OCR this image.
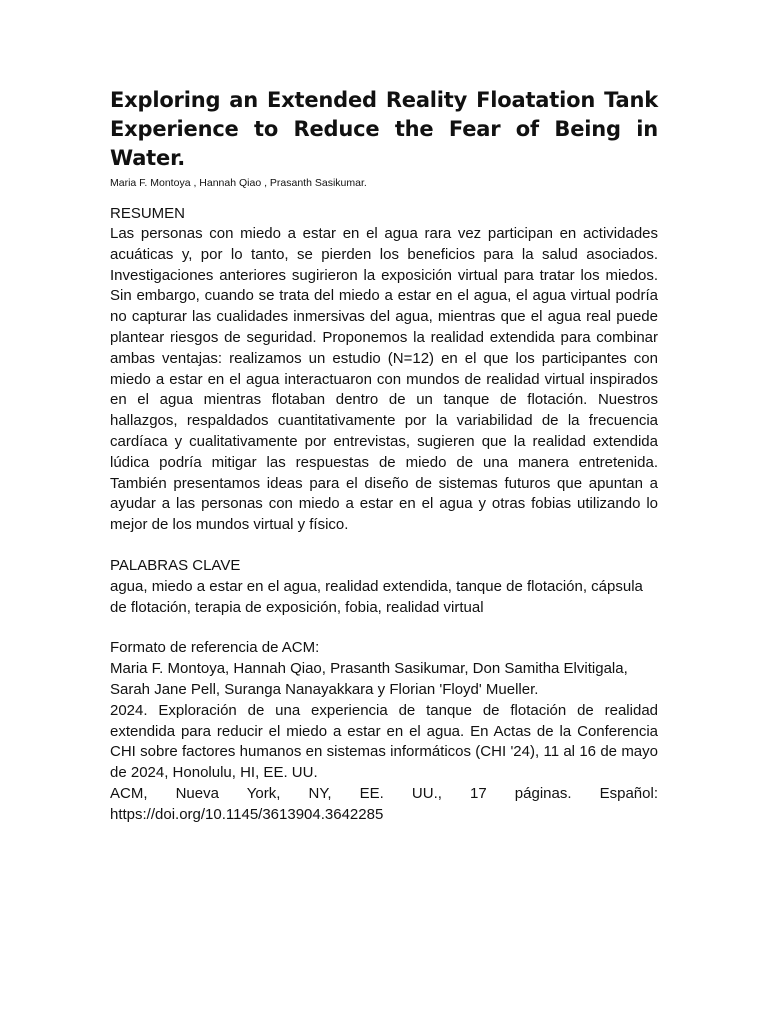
Exploring an Extended Reality Floatation Tank Experience to Reduce the Fear of Being in Water.

Maria F. Montoya , Hannah Qiao , Prasanth Sasikumar.

RESUMEN

Las personas con miedo a estar en el agua rara vez participan en actividades acuáticas y, por lo tanto, se pierden los beneficios para la salud asociados. Investigaciones anteriores sugirieron la exposición virtual para tratar los miedos. Sin embargo, cuando se trata del miedo a estar en el agua, el agua virtual podría no capturar las cualidades inmersivas del agua, mientras que el agua real puede plantear riesgos de seguridad. Proponemos la realidad extendida para combinar ambas ventajas: realizamos un estudio (N=12) en el que los participantes con miedo a estar en el agua interactuaron con mundos de realidad virtual inspirados en el agua mientras flotaban dentro de un tanque de flotación. Nuestros hallazgos, respaldados cuantitativamente por la variabilidad de la frecuencia cardíaca y cualitativamente por entrevistas, sugieren que la realidad extendida lúdica podría mitigar las respuestas de miedo de una manera entretenida. También presentamos ideas para el diseño de sistemas futuros que apuntan a ayudar a las personas con miedo a estar en el agua y otras fobias utilizando lo mejor de los mundos virtual y físico.

PALABRAS CLAVE

agua, miedo a estar en el agua, realidad extendida, tanque de flotación, cápsula de flotación, terapia de exposición, fobia, realidad virtual

Formato de referencia de ACM:

Maria F. Montoya, Hannah Qiao, Prasanth Sasikumar, Don Samitha Elvitigala,

Sarah Jane Pell, Suranga Nanayakkara y Florian 'Floyd' Mueller.

2024. Exploración de una experiencia de tanque de flotación de realidad extendida para reducir el miedo a estar en el agua. En Actas de la Conferencia CHI sobre factores humanos en sistemas informáticos (CHI '24), 11 al 16 de mayo de 2024, Honolulu, HI, EE. UU.

ACM, Nueva York, NY, EE. UU., 17 páginas. Español: https://doi.org/10.1145/3613904.3642285
